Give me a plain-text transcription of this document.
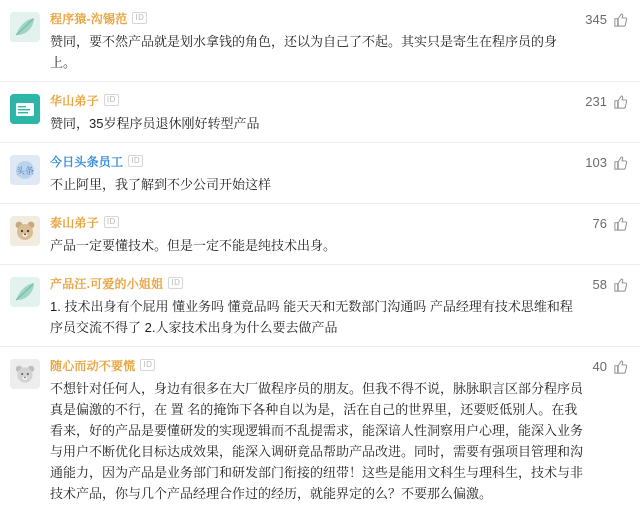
程序猿-沟锡范	ID
赞同，要不然产品就是划水拿钱的角色，还以为自己了不起。其实只是寄生在程序员的身上。
345
华山弟子	ID
赞同，35岁程序员退休刚好转型产品
231
头条
今日头条员工	ID
不止阿里，我了解到不少公司开始这样
103
泰山弟子	ID
产品一定要懂技术。但是一定不能是纯技术出身。
76
产品汪.可爱的小姐姐	ID
1. 技术出身有个屁用 懂业务吗 懂竟品吗 能天天和无数部门沟通吗 产品经理有技术思维和程序员交流不得了 2.人家技术出身为什么要去做产品
58
随心而动不要慌	ID
不想针对任何人，身边有很多在大厂做程序员的朋友。但我不得不说，脉脉职言区部分程序员真是偏激的不行，在 置 名的掩饰下各种自以为是，活在自己的世界里，还要贬低别人。在我看来，好的产品是要懂研发的实现逻辑而不乱提需求，能深谙人性洞察用户心理，能深入业务与用户不断优化目标达成效果，能深入调研竟品帮助产品改进。同时，需要有强项目管理和沟通能力，因为产品是业务部门和研发部门衔接的纽带！这些是能用文科生与理科生，技术与非技术产品，你与几个产品经理合作过的经历，就能界定的么？不要那么偏激。
40
